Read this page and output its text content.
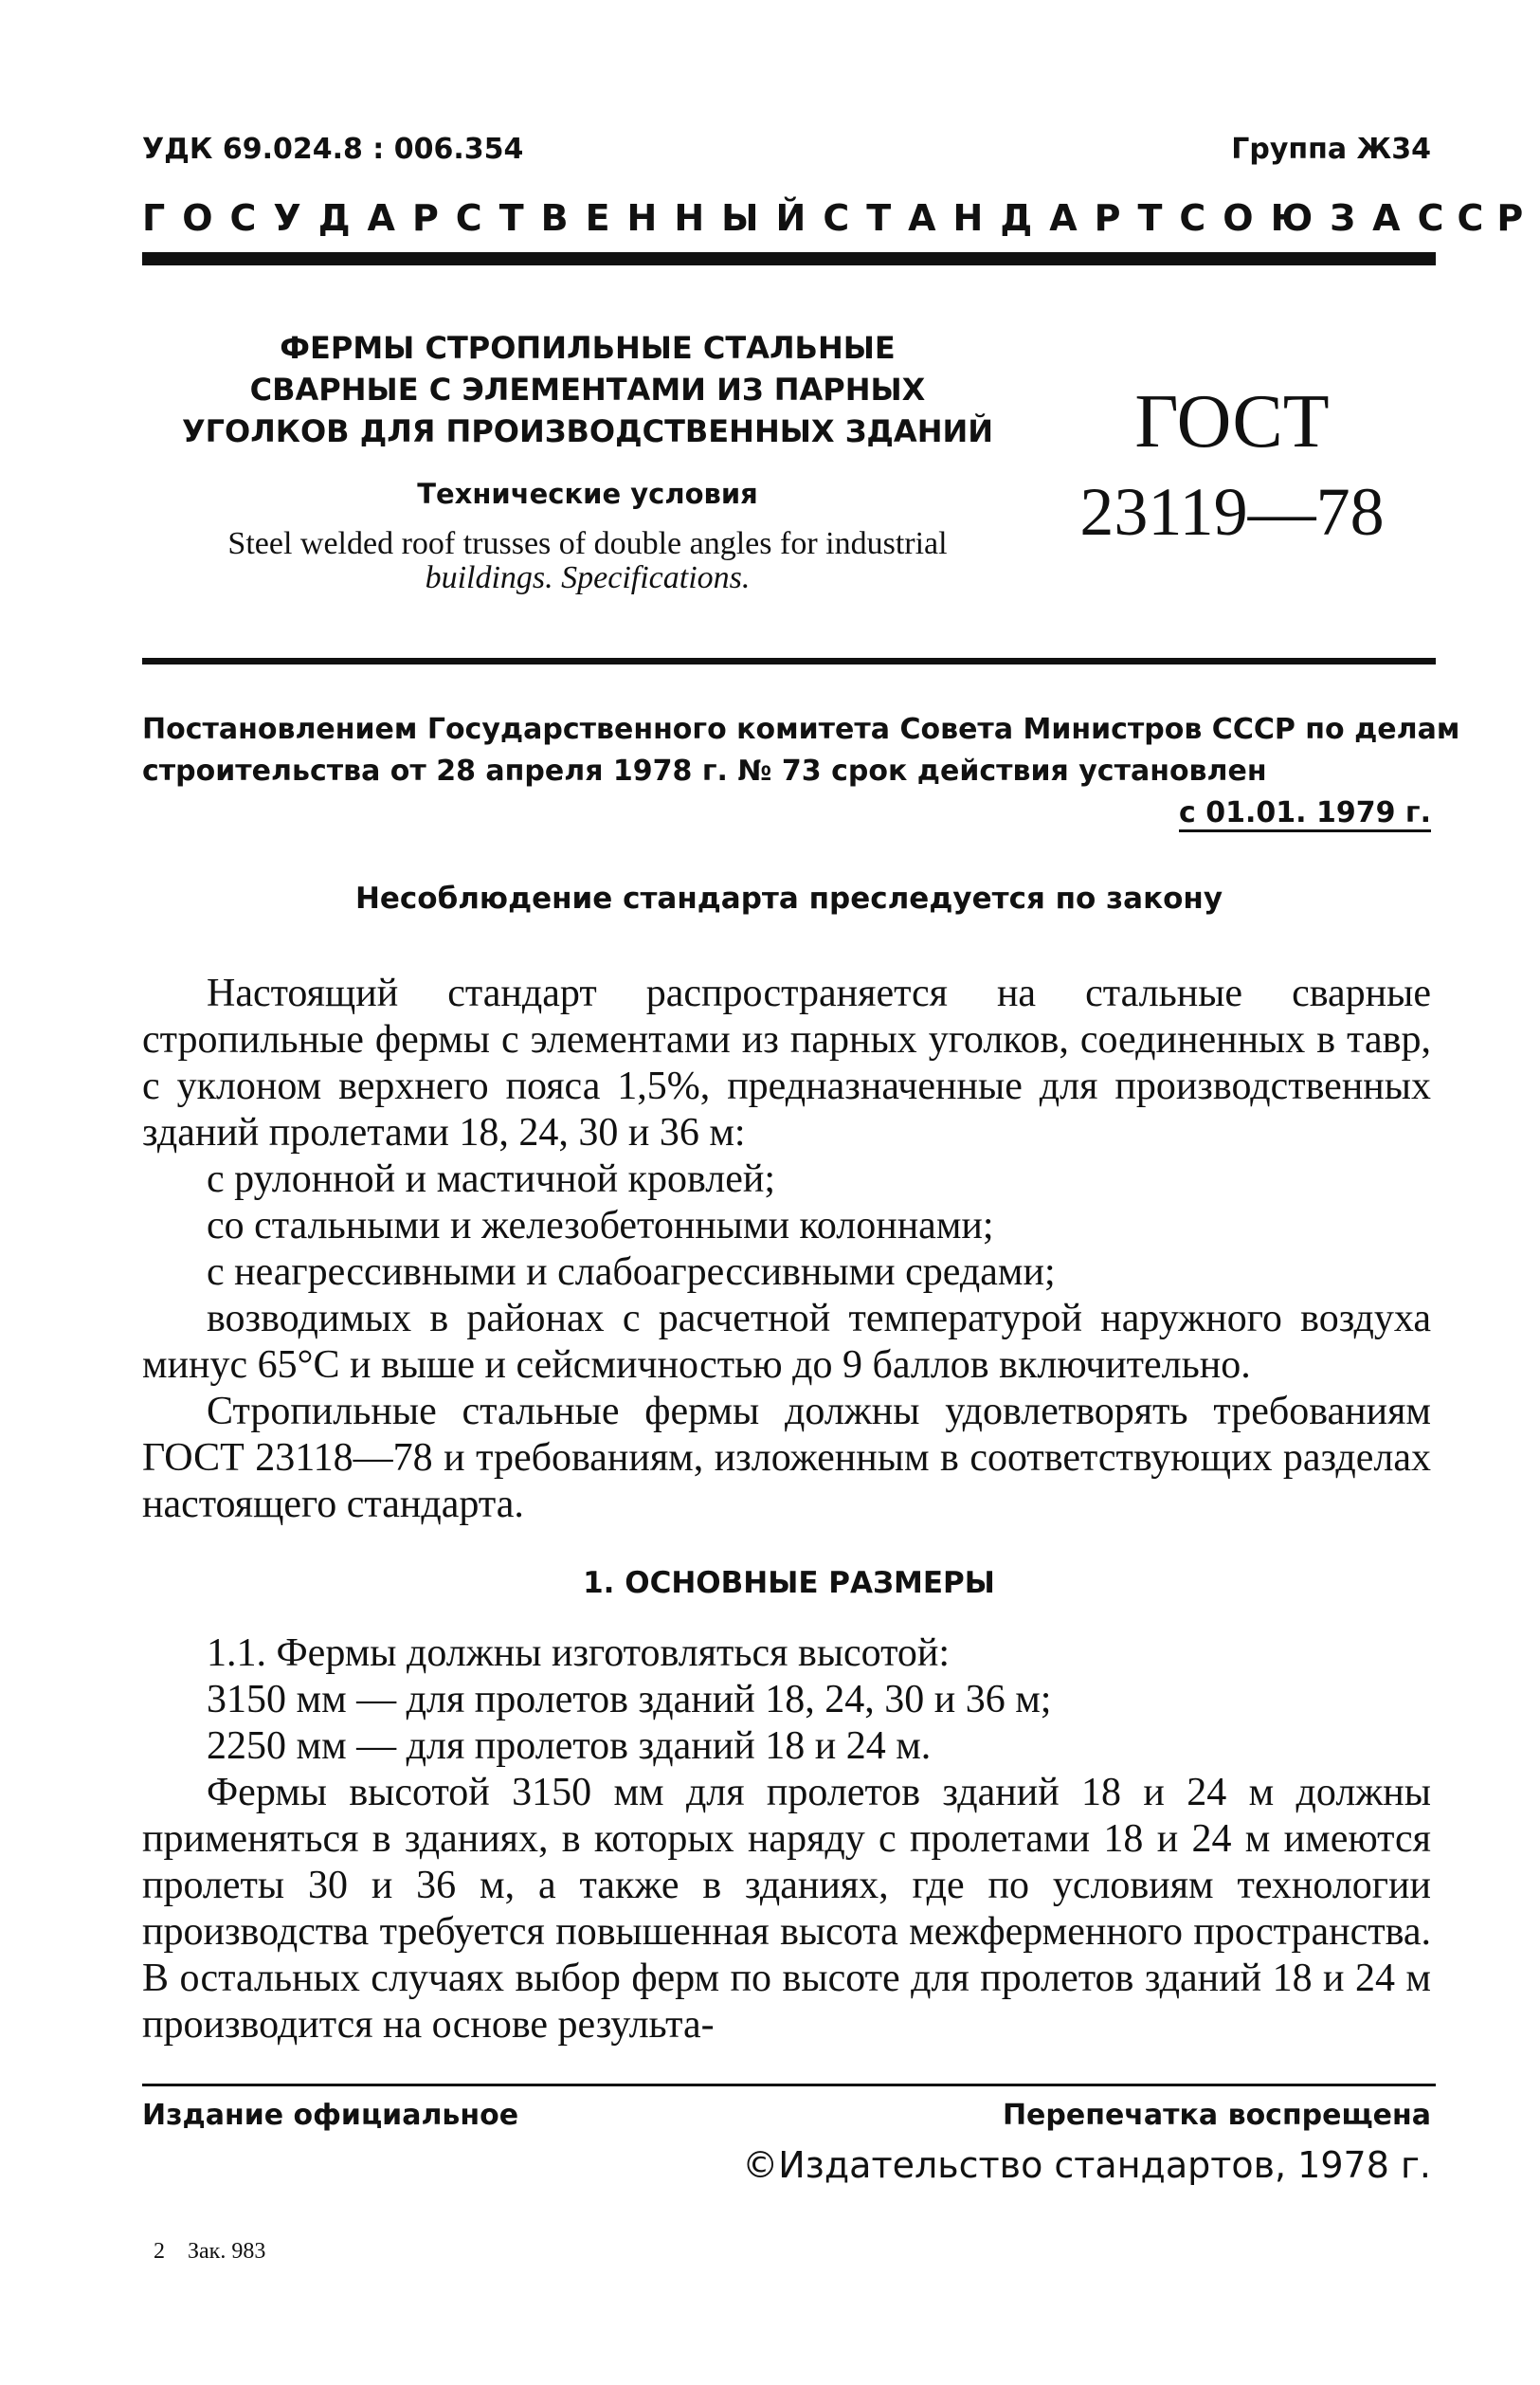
УДК 69.024.8 : 006.354	Группа Ж34
ГОСУДАРСТВЕННЫЙ СТАНДАРТ СОЮЗА ССР
ФЕРМЫ СТРОПИЛЬНЫЕ СТАЛЬНЫЕ
СВАРНЫЕ С ЭЛЕМЕНТАМИ ИЗ ПАРНЫХ
УГОЛКОВ ДЛЯ ПРОИЗВОДСТВЕННЫХ ЗДАНИЙ
Технические условия
Steel welded roof trusses of double angles for industrial
buildings. Specifications.
ГОСТ
23119—78
Постановлением Государственного комитета Совета Министров СССР по делам
строительства от 28 апреля 1978 г. № 73 срок действия установлен
с 01.01. 1979 г.
Несоблюдение стандарта преследуется по закону

Настоящий стандарт распространяется на стальные сварные стропильные фермы с элементами из парных уголков, соединенных в тавр, с уклоном верхнего пояса 1,5%, предназначенные для производственных зданий пролетами 18, 24, 30 и 36 м:

с рулонной и мастичной кровлей;

со стальными и железобетонными колоннами;

с неагрессивными и слабоагрессивными средами;

возводимых в районах с расчетной температурой наружного воздуха минус 65°С и выше и сейсмичностью до 9 баллов включительно.

Стропильные стальные фермы должны удовлетворять требованиям ГОСТ 23118—78 и требованиям, изложенным в соответствующих разделах настоящего стандарта.

1. ОСНОВНЫЕ РАЗМЕРЫ

1.1. Фермы должны изготовляться высотой:

3150 мм — для пролетов зданий 18, 24, 30 и 36 м;

2250 мм — для пролетов зданий 18 и 24 м.

Фермы высотой 3150 мм для пролетов зданий 18 и 24 м должны применяться в зданиях, в которых наряду с пролетами 18 и 24 м имеются пролеты 30 и 36 м, а также в зданиях, где по условиям технологии производства требуется повышенная высота межферменного пространства. В остальных случаях выбор ферм по высоте для пролетов зданий 18 и 24 м производится на основе результа-

Издание официальное	Перепечатка воспрещена
©Издательство стандартов, 1978 г.
2    Зак. 983
